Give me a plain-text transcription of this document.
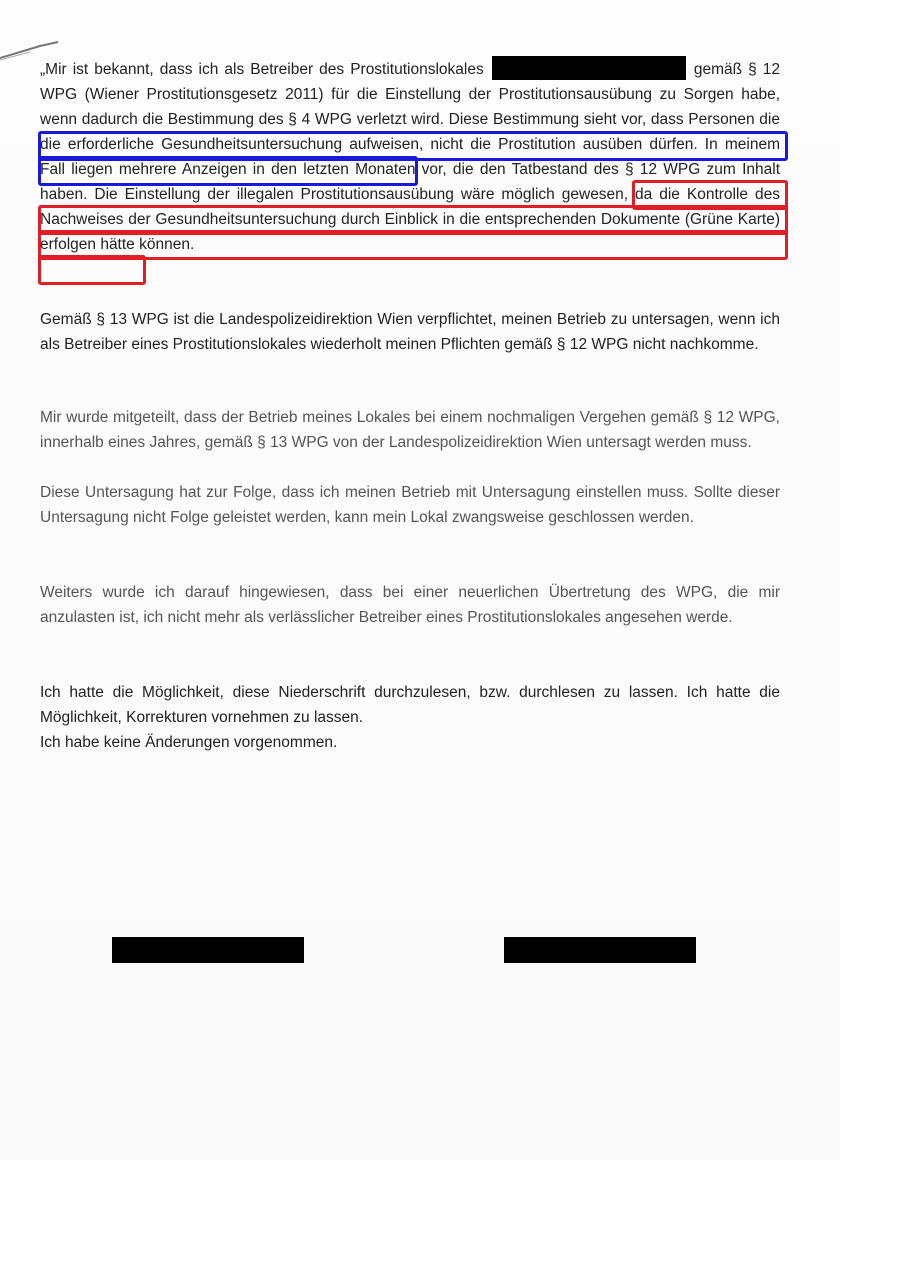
„Mir ist bekannt, dass ich als Betreiber des Prostitutionslokales	gemäß § 12 WPG (Wiener Prostitutionsgesetz 2011) für die Einstellung der Prostitutionsausübung zu Sorgen habe, wenn dadurch die Bestimmung des § 4 WPG verletzt wird. Diese Bestimmung sieht vor, dass Personen die die erforderliche Gesundheitsuntersuchung aufweisen, nicht die Prostitution ausüben dürfen. In meinem Fall liegen mehrere Anzeigen in den letzten Monaten vor, die den Tatbestand des § 12 WPG zum Inhalt haben. Die Einstellung der illegalen Prostitutionsausübung wäre möglich gewesen, da die Kontrolle des Nachweises der Gesundheitsuntersuchung durch Einblick in die entsprechenden Dokumente (Grüne Karte) erfolgen hätte können.
Gemäß § 13 WPG ist die Landespolizeidirektion Wien verpflichtet, meinen Betrieb zu untersagen, wenn ich als Betreiber eines Prostitutionslokales wiederholt meinen Pflichten gemäß § 12 WPG nicht nachkomme.
Mir wurde mitgeteilt, dass der Betrieb meines Lokales bei einem nochmaligen Vergehen gemäß § 12 WPG, innerhalb eines Jahres, gemäß § 13 WPG von der Landespolizeidirektion Wien untersagt werden muss.
Diese Untersagung hat zur Folge, dass ich meinen Betrieb mit Untersagung einstellen muss. Sollte dieser Untersagung nicht Folge geleistet werden, kann mein Lokal zwangsweise geschlossen werden.
Weiters wurde ich darauf hingewiesen, dass bei einer neuerlichen Übertretung des WPG, die mir anzulasten ist, ich nicht mehr als verlässlicher Betreiber eines Prostitutionslokales angesehen werde.
Ich hatte die Möglichkeit, diese Niederschrift durchzulesen, bzw. durchlesen zu lassen. Ich hatte die Möglichkeit, Korrekturen vornehmen zu lassen.
Ich habe keine Änderungen vorgenommen.
